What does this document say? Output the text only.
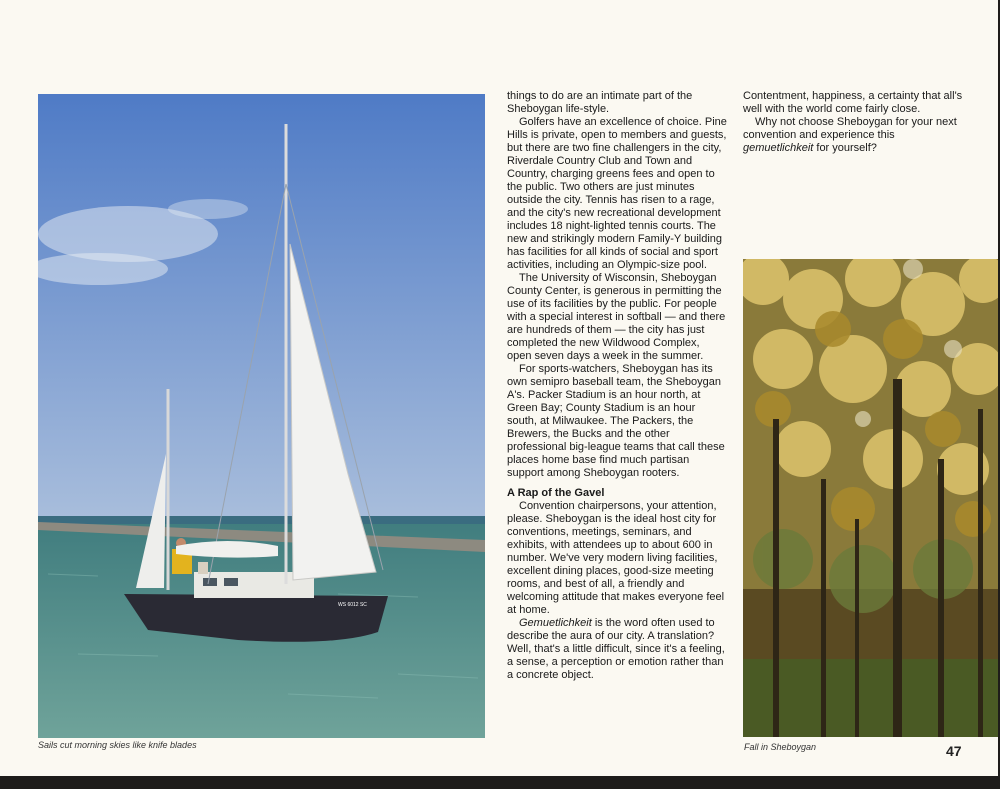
WS 6012 SC
Sails cut morning skies like knife blades

things to do are an intimate part of the Sheboygan life-style.

Golfers have an excellence of choice. Pine Hills is private, open to members and guests, but there are two fine challengers in the city, Riverdale Country Club and Town and Country, charging greens fees and open to the public. Two others are just minutes outside the city. Tennis has risen to a rage, and the city's new recreational development includes 18 night-lighted tennis courts. The new and strikingly modern Family-Y building has facilities for all kinds of social and sport activities, including an Olympic-size pool.

The University of Wisconsin, Sheboygan County Center, is generous in permitting the use of its facilities by the public. For people with a special interest in softball — and there are hundreds of them — the city has just completed the new Wildwood Complex, open seven days a week in the summer.

For sports-watchers, Sheboygan has its own semipro baseball team, the Sheboygan A's. Packer Stadium is an hour north, at Green Bay; County Stadium is an hour south, at Milwaukee. The Packers, the Brewers, the Bucks and the other professional big-league teams that call these places home base find much partisan support among Sheboygan rooters.

A Rap of the Gavel

Convention chairpersons, your attention, please. Sheboygan is the ideal host city for conventions, meetings, seminars, and exhibits, with attendees up to about 600 in number. We've very modern living facilities, excellent dining places, good-size meeting rooms, and best of all, a friendly and welcoming attitude that makes everyone feel at home.

Gemuetlichkeit is the word often used to describe the aura of our city. A translation? Well, that's a little difficult, since it's a feeling, a sense, a perception or emotion rather than a concrete object.

Contentment, happiness, a certainty that all's well with the world come fairly close.

Why not choose Sheboygan for your next convention and experience this gemuetlichkeit for yourself?

Fall in Sheboygan	47
